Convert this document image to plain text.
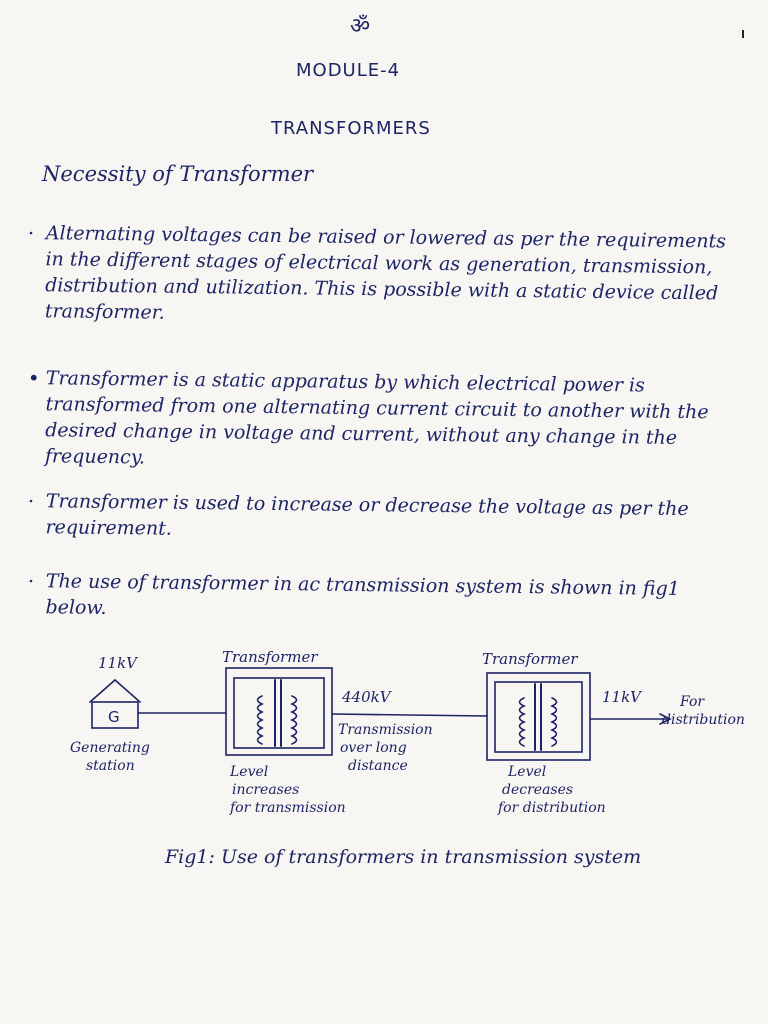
ॐ
MODULE-4
TRANSFORMERS
Necessity of Transformer
· Alternating voltages can be raised or lowered as per the requirements in the different stages of electrical work as generation, transmission, distribution and utilization. This is possible with a static device called transformer.
• Transformer is a static apparatus by which electrical power is transformed from one alternating current circuit to another with the desired change in voltage and current, without any change in the frequency.
· Transformer is used to increase or decrease the voltage as per the requirement.
· The use of transformer in ac transmission system is shown in fig1 below.
11kV
G
Generating
station
Transformer
Level
increases
for transmission
440kV
Transmission
over long
distance
Transformer
Level
decreases
for distribution
11kV	For
distribution
Fig1: Use of transformers in transmission system
